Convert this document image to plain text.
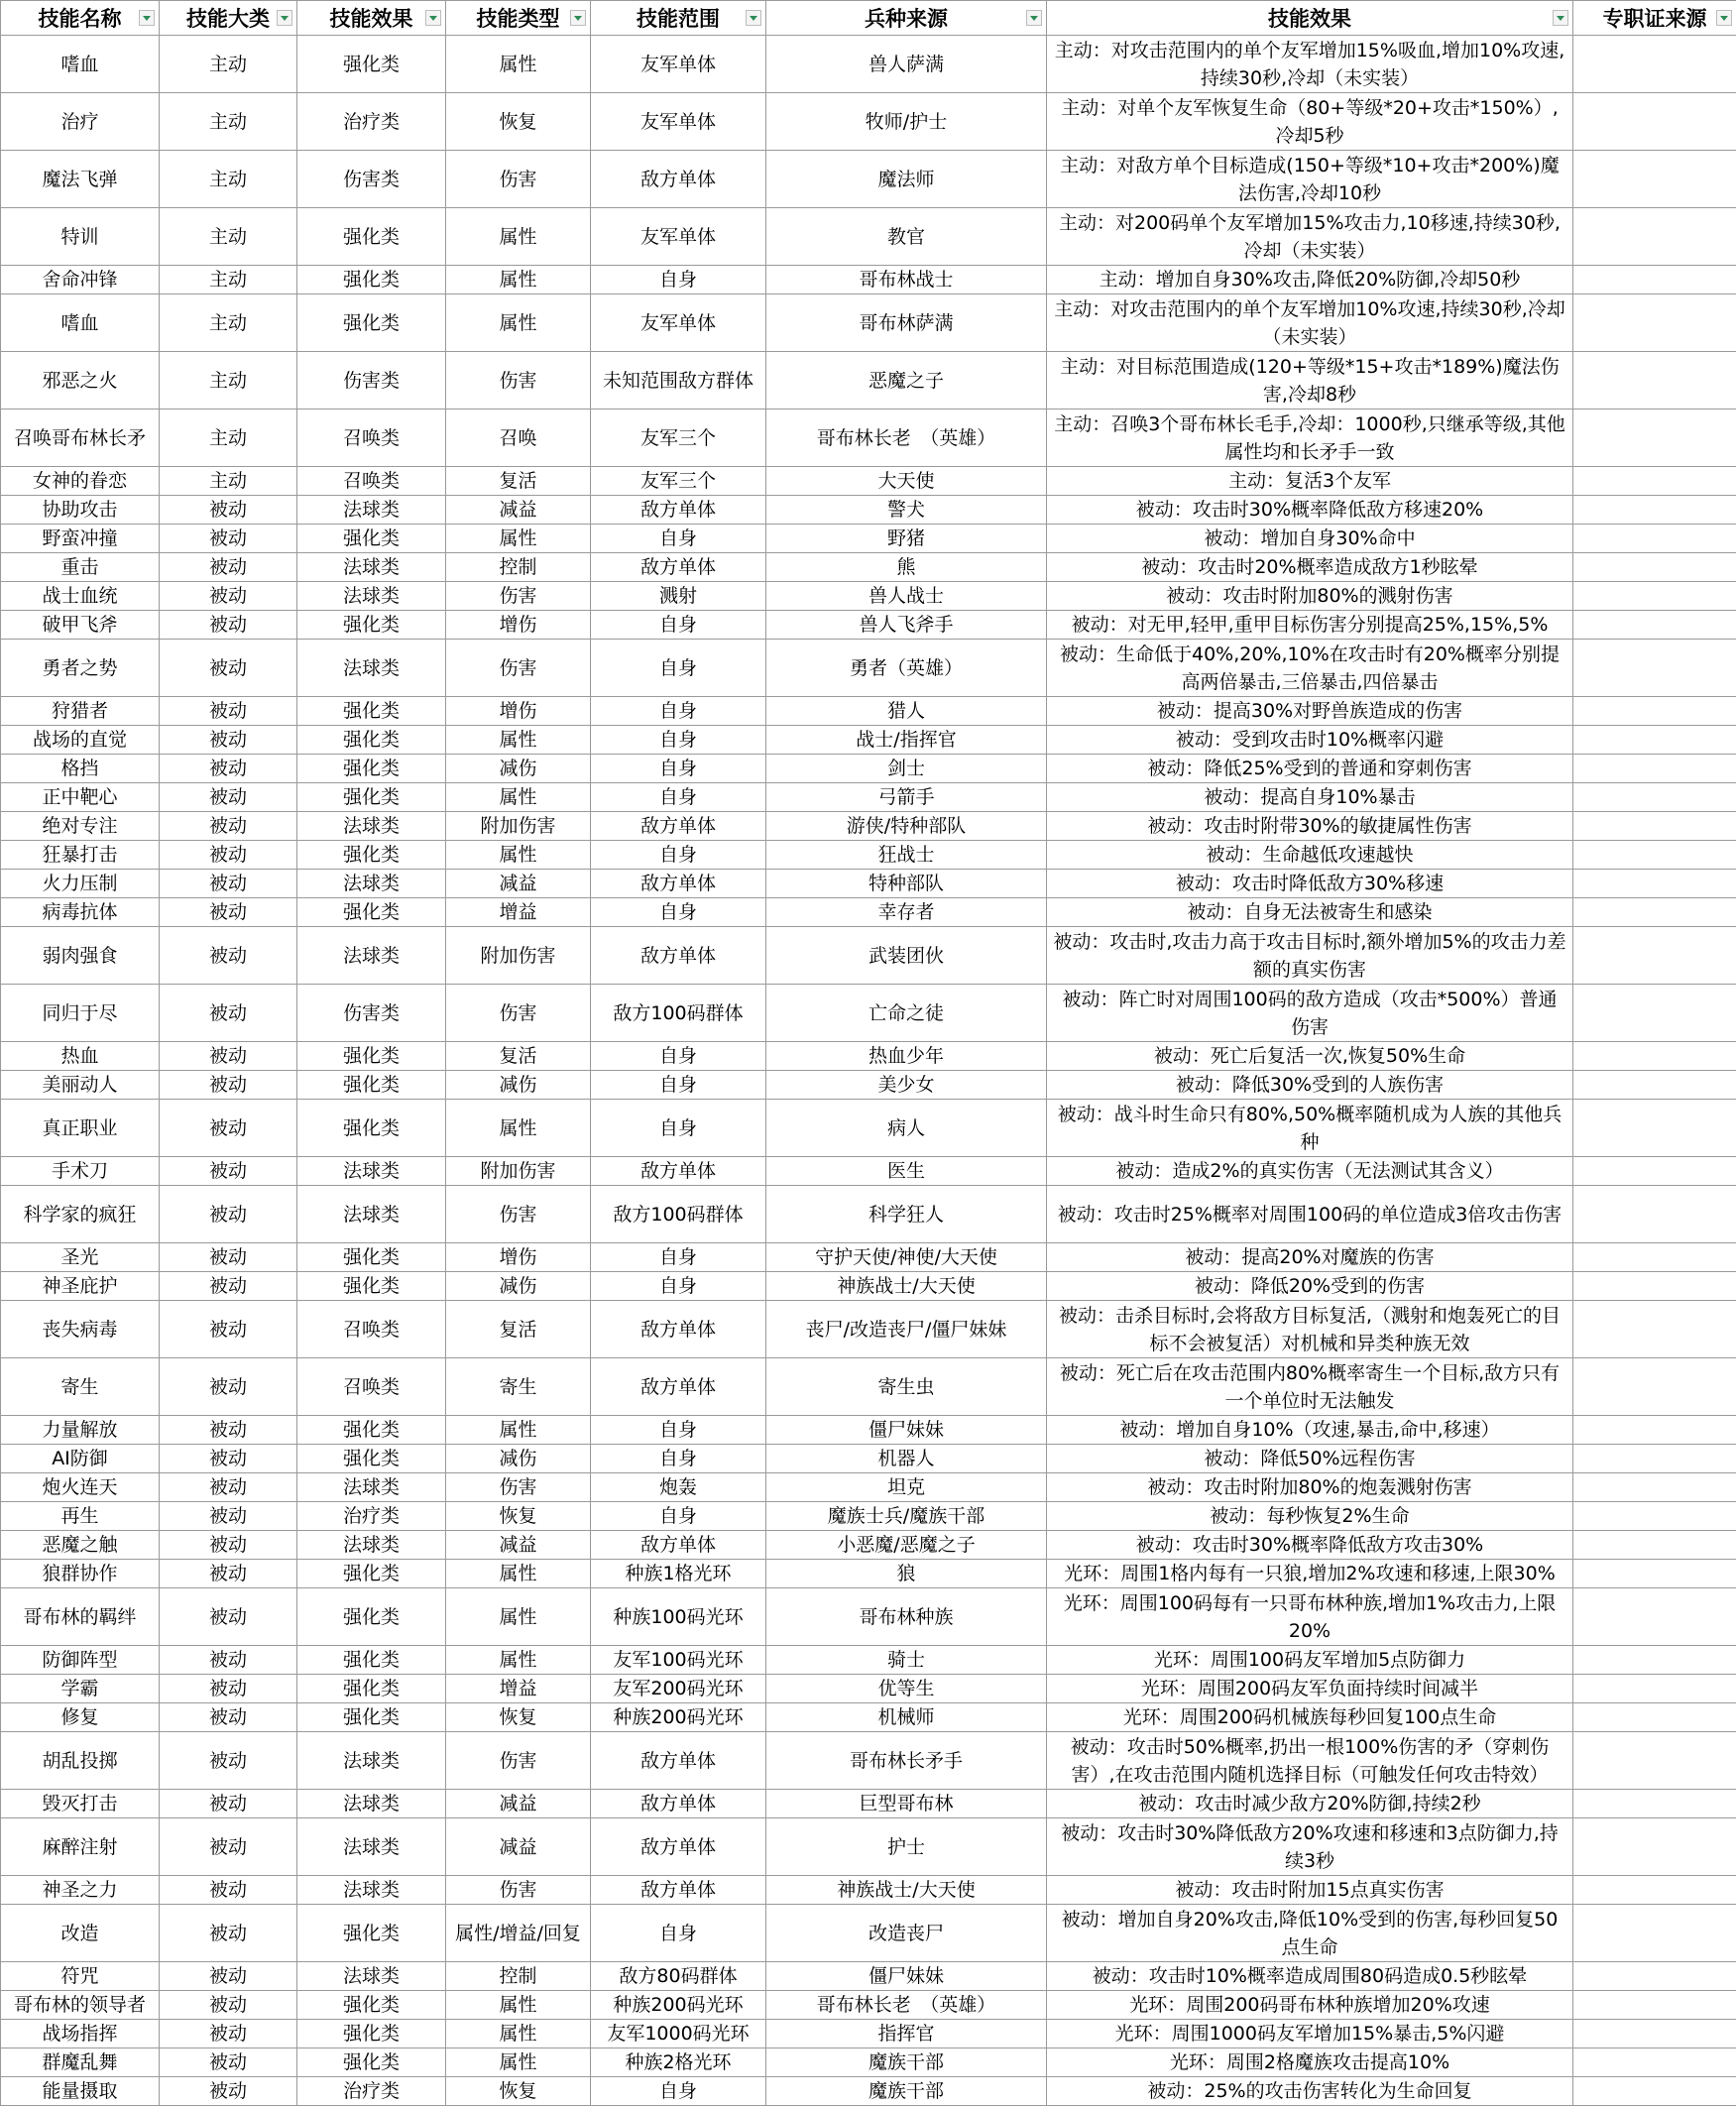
技能名称	技能大类	技能效果	技能类型	技能范围	兵种来源	技能效果	专职证来源

嗜血	主动	强化类	属性	友军单体	兽人萨满	主动：对攻击范围内的单个友军增加15%吸血,增加10%攻速,持续30秒,冷却（未实装）	
治疗	主动	治疗类	恢复	友军单体	牧师/护士	主动：对单个友军恢复生命（80+等级*20+攻击*150%）,冷却5秒	
魔法飞弹	主动	伤害类	伤害	敌方单体	魔法师	主动：对敌方单个目标造成(150+等级*10+攻击*200%)魔法伤害,冷却10秒	
特训	主动	强化类	属性	友军单体	教官	主动：对200码单个友军增加15%攻击力,10移速,持续30秒,冷却（未实装）	
舍命冲锋	主动	强化类	属性	自身	哥布林战士	主动：增加自身30%攻击,降低20%防御,冷却50秒	
嗜血	主动	强化类	属性	友军单体	哥布林萨满	主动：对攻击范围内的单个友军增加10%攻速,持续30秒,冷却（未实装）	
邪恶之火	主动	伤害类	伤害	未知范围敌方群体	恶魔之子	主动：对目标范围造成(120+等级*15+攻击*189%)魔法伤害,冷却8秒	
召唤哥布林长矛	主动	召唤类	召唤	友军三个	哥布林长老　（英雄）	主动：召唤3个哥布林长毛手,冷却：1000秒,只继承等级,其他属性均和长矛手一致	
女神的眷恋	主动	召唤类	复活	友军三个	大天使	主动：复活3个友军	
协助攻击	被动	法球类	减益	敌方单体	警犬	被动：攻击时30%概率降低敌方移速20%	
野蛮冲撞	被动	强化类	属性	自身	野猪	被动：增加自身30%命中	
重击	被动	法球类	控制	敌方单体	熊	被动：攻击时20%概率造成敌方1秒眩晕	
战士血统	被动	法球类	伤害	溅射	兽人战士	被动：攻击时附加80%的溅射伤害	
破甲飞斧	被动	强化类	增伤	自身	兽人飞斧手	被动：对无甲,轻甲,重甲目标伤害分别提高25%,15%,5%	
勇者之势	被动	法球类	伤害	自身	勇者（英雄）	被动：生命低于40%,20%,10%在攻击时有20%概率分别提高两倍暴击,三倍暴击,四倍暴击	
狩猎者	被动	强化类	增伤	自身	猎人	被动：提高30%对野兽族造成的伤害	
战场的直觉	被动	强化类	属性	自身	战士/指挥官	被动：受到攻击时10%概率闪避	
格挡	被动	强化类	减伤	自身	剑士	被动：降低25%受到的普通和穿刺伤害	
正中靶心	被动	强化类	属性	自身	弓箭手	被动：提高自身10%暴击	
绝对专注	被动	法球类	附加伤害	敌方单体	游侠/特种部队	被动：攻击时附带30%的敏捷属性伤害	
狂暴打击	被动	强化类	属性	自身	狂战士	被动：生命越低攻速越快	
火力压制	被动	法球类	减益	敌方单体	特种部队	被动：攻击时降低敌方30%移速	
病毒抗体	被动	强化类	增益	自身	幸存者	被动：自身无法被寄生和感染	
弱肉强食	被动	法球类	附加伤害	敌方单体	武装团伙	被动：攻击时,攻击力高于攻击目标时,额外增加5%的攻击力差额的真实伤害	
同归于尽	被动	伤害类	伤害	敌方100码群体	亡命之徒	被动：阵亡时对周围100码的敌方造成（攻击*500%）普通伤害	
热血	被动	强化类	复活	自身	热血少年	被动：死亡后复活一次,恢复50%生命	
美丽动人	被动	强化类	减伤	自身	美少女	被动：降低30%受到的人族伤害	
真正职业	被动	强化类	属性	自身	病人	被动：战斗时生命只有80%,50%概率随机成为人族的其他兵种	
手术刀	被动	法球类	附加伤害	敌方单体	医生	被动：造成2%的真实伤害（无法测试其含义）	
科学家的疯狂	被动	法球类	伤害	敌方100码群体	科学狂人	被动：攻击时25%概率对周围100码的单位造成3倍攻击伤害	
圣光	被动	强化类	增伤	自身	守护天使/神使/大天使	被动：提高20%对魔族的伤害	
神圣庇护	被动	强化类	减伤	自身	神族战士/大天使	被动：降低20%受到的伤害	
丧失病毒	被动	召唤类	复活	敌方单体	丧尸/改造丧尸/僵尸妹妹	被动：击杀目标时,会将敌方目标复活,（溅射和炮轰死亡的目标不会被复活）对机械和异类种族无效	
寄生	被动	召唤类	寄生	敌方单体	寄生虫	被动：死亡后在攻击范围内80%概率寄生一个目标,敌方只有一个单位时无法触发	
力量解放	被动	强化类	属性	自身	僵尸妹妹	被动：增加自身10%（攻速,暴击,命中,移速）	
AI防御	被动	强化类	减伤	自身	机器人	被动：降低50%远程伤害	
炮火连天	被动	法球类	伤害	炮轰	坦克	被动：攻击时附加80%的炮轰溅射伤害	
再生	被动	治疗类	恢复	自身	魔族士兵/魔族干部	被动：每秒恢复2%生命	
恶魔之触	被动	法球类	减益	敌方单体	小恶魔/恶魔之子	被动：攻击时30%概率降低敌方攻击30%	
狼群协作	被动	强化类	属性	种族1格光环	狼	光环：周围1格内每有一只狼,增加2%攻速和移速,上限30%	
哥布林的羁绊	被动	强化类	属性	种族100码光环	哥布林种族	光环：周围100码每有一只哥布林种族,增加1%攻击力,上限20%	
防御阵型	被动	强化类	属性	友军100码光环	骑士	光环：周围100码友军增加5点防御力	
学霸	被动	强化类	增益	友军200码光环	优等生	光环：周围200码友军负面持续时间减半	
修复	被动	强化类	恢复	种族200码光环	机械师	光环：周围200码机械族每秒回复100点生命	
胡乱投掷	被动	法球类	伤害	敌方单体	哥布林长矛手	被动：攻击时50%概率,扔出一根100%伤害的矛（穿刺伤害）,在攻击范围内随机选择目标（可触发任何攻击特效）	
毁灭打击	被动	法球类	减益	敌方单体	巨型哥布林	被动：攻击时减少敌方20%防御,持续2秒	
麻醉注射	被动	法球类	减益	敌方单体	护士	被动：攻击时30%降低敌方20%攻速和移速和3点防御力,持续3秒	
神圣之力	被动	法球类	伤害	敌方单体	神族战士/大天使	被动：攻击时附加15点真实伤害	
改造	被动	强化类	属性/增益/回复	自身	改造丧尸	被动：增加自身20%攻击,降低10%受到的伤害,每秒回复50点生命	
符咒	被动	法球类	控制	敌方80码群体	僵尸妹妹	被动：攻击时10%概率造成周围80码造成0.5秒眩晕	
哥布林的领导者	被动	强化类	属性	种族200码光环	哥布林长老　（英雄）	光环：周围200码哥布林种族增加20%攻速	
战场指挥	被动	强化类	属性	友军1000码光环	指挥官	光环：周围1000码友军增加15%暴击,5%闪避	
群魔乱舞	被动	强化类	属性	种族2格光环	魔族干部	光环：周围2格魔族攻击提高10%	
能量摄取	被动	治疗类	恢复	自身	魔族干部	被动：25%的攻击伤害转化为生命回复	
